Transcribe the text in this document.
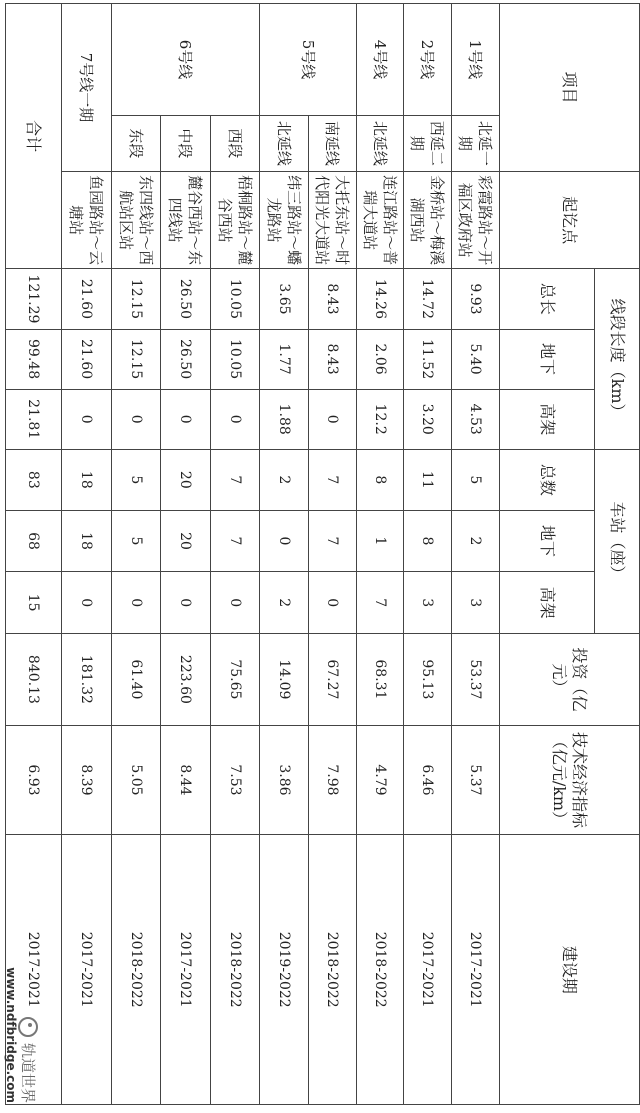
项目		起讫点	线段长度（km）			车站（座）			投资（亿元）	技术经济指标（亿元/km）	建设期
			总长	地下	高架	总数	地下	高架			
1号线	北延一期	彩霞路站～开福区政府站	9.93	5.40	4.53	5	2	3	53.37	5.37	2017-2021
2号线	西延二期	金桥站～梅溪湖西站	14.72	11.52	3.20	11	8	3	95.13	6.46	2017-2021
4号线	北延线	连江路站～普瑞大道站	14.26	2.06	12.2	8	1	7	68.31	4.79	2018-2022
5号线	南延线	大托东站～时代阳光大道站	8.43	8.43	0	7	7	0	67.27	7.98	2018-2022
	北延线	纬三路站～蟠龙路站	3.65	1.77	1.88	2	0	2	14.09	3.86	2019-2022
6号线	西段	梧桐路站～麓谷西站	10.05	10.05	0	7	7	0	75.65	7.53	2018-2022
	中段	麓谷西站～东四线站	26.50	26.50	0	20	20	0	223.60	8.44	2017-2021
	东段	东四线站～西航站区站	12.15	12.15	0	5	5	0	61.40	5.05	2018-2022
7号线一期		鱼园路站～云塘站	21.60	21.60	0	18	18	0	181.32	8.39	2017-2021
合计			121.29	99.48	21.81	83	68	15	840.13	6.93	2017-2021
轨道世界
www.ndfbridge.com
